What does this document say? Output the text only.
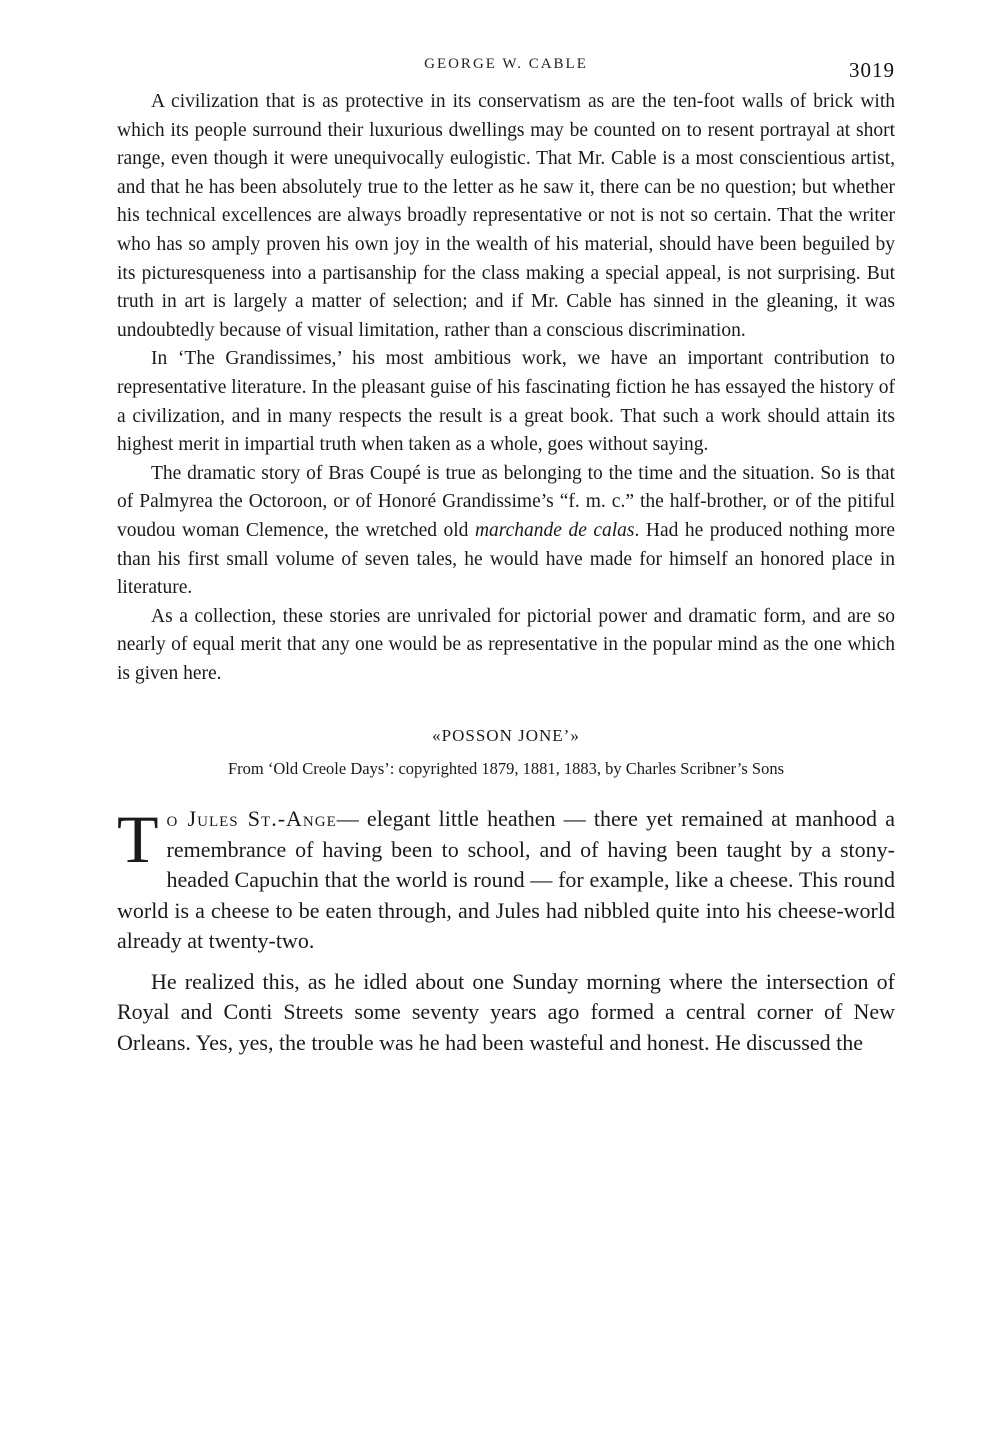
GEORGE W. CABLE	3019

A civilization that is as protective in its conservatism as are the ten-foot walls of brick with which its people surround their luxurious dwellings may be counted on to resent portrayal at short range, even though it were unequivocally eulogistic. That Mr. Cable is a most conscientious artist, and that he has been absolutely true to the letter as he saw it, there can be no question; but whether his technical excellences are always broadly representative or not is not so certain. That the writer who has so amply proven his own joy in the wealth of his material, should have been beguiled by its picturesqueness into a partisanship for the class making a special appeal, is not surprising. But truth in art is largely a matter of selection; and if Mr. Cable has sinned in the gleaning, it was undoubtedly because of visual limitation, rather than a conscious discrimination.

In ‘The Grandissimes,’ his most ambitious work, we have an important contribution to representative literature. In the pleasant guise of his fascinating fiction he has essayed the history of a civilization, and in many respects the result is a great book. That such a work should attain its highest merit in impartial truth when taken as a whole, goes without saying.

The dramatic story of Bras Coupé is true as belonging to the time and the situation. So is that of Palmyrea the Octoroon, or of Honoré Grandissime’s “f. m. c.” the half-brother, or of the pitiful voudou woman Clemence, the wretched old marchande de calas. Had he produced nothing more than his first small volume of seven tales, he would have made for himself an honored place in literature.

As a collection, these stories are unrivaled for pictorial power and dramatic form, and are so nearly of equal merit that any one would be as representative in the popular mind as the one which is given here.

«POSSON JONE’»
From ‘Old Creole Days’: copyrighted 1879, 1881, 1883, by Charles Scribner’s Sons

To Jules St.-Ange— elegant little heathen — there yet remained at manhood a remembrance of having been to school, and of having been taught by a stony-headed Capuchin that the world is round — for example, like a cheese. This round world is a cheese to be eaten through, and Jules had nibbled quite into his cheese-world already at twenty-two.

He realized this, as he idled about one Sunday morning where the intersection of Royal and Conti Streets some seventy years ago formed a central corner of New Orleans. Yes, yes, the trouble was he had been wasteful and honest. He discussed the
